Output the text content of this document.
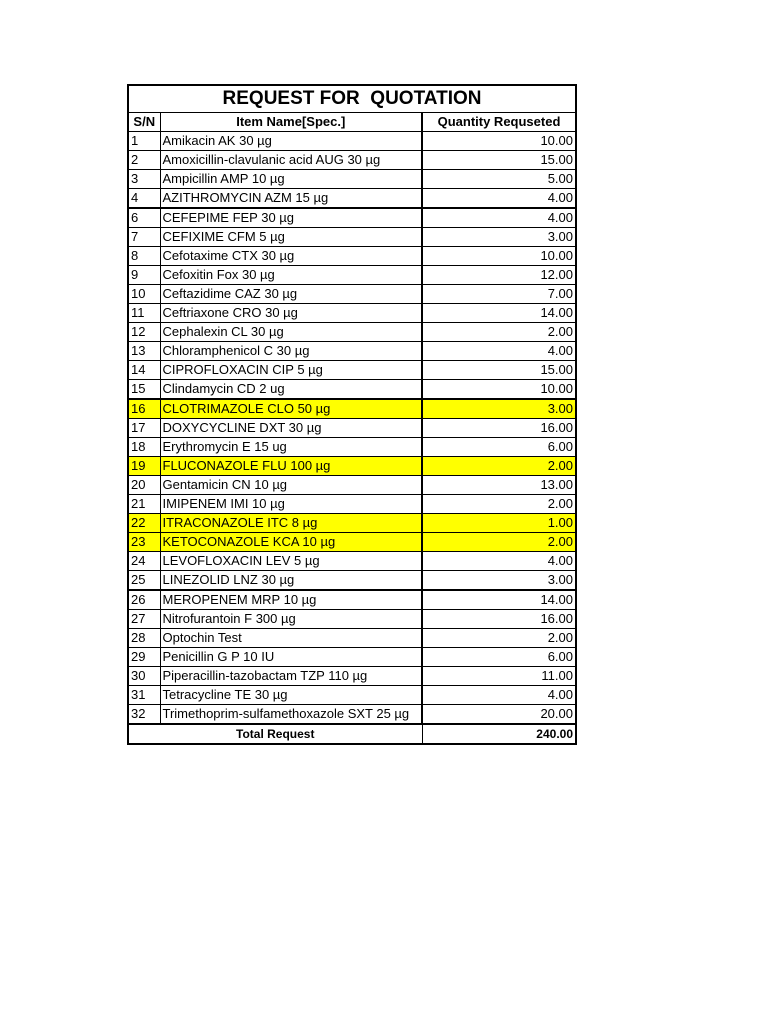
REQUEST FOR  QUOTATION
S/N	Item Name[Spec.]	Quantity Requseted
1	Amikacin AK 30 µg	10.00
2	Amoxicillin-clavulanic acid AUG 30 µg	15.00
3	Ampicillin AMP 10 µg	5.00
4	AZITHROMYCIN AZM 15 µg	4.00
6	CEFEPIME FEP 30 µg	4.00
7	CEFIXIME CFM 5 µg	3.00
8	Cefotaxime CTX 30 µg	10.00
9	Cefoxitin Fox 30 µg	12.00
10	Ceftazidime CAZ 30 µg	7.00
11	Ceftriaxone CRO 30 µg	14.00
12	Cephalexin CL 30 µg	2.00
13	Chloramphenicol C 30 µg	4.00
14	CIPROFLOXACIN CIP 5 µg	15.00
15	Clindamycin CD 2 ug	10.00
16	CLOTRIMAZOLE CLO 50 µg	3.00
17	DOXYCYCLINE DXT 30 µg	16.00
18	Erythromycin E 15 ug	6.00
19	FLUCONAZOLE FLU 100 µg	2.00
20	Gentamicin CN 10 µg	13.00
21	IMIPENEM IMI 10 µg	2.00
22	ITRACONAZOLE ITC 8 µg	1.00
23	KETOCONAZOLE KCA 10 µg	2.00
24	LEVOFLOXACIN LEV 5 µg	4.00
25	LINEZOLID LNZ 30 µg	3.00
26	MEROPENEM MRP 10 µg	14.00
27	Nitrofurantoin F 300 µg	16.00
28	Optochin Test	2.00
29	Penicillin G P 10 IU	6.00
30	Piperacillin-tazobactam TZP 110 µg	11.00
31	Tetracycline TE 30 µg	4.00
32	Trimethoprim-sulfamethoxazole SXT 25 µg	20.00
Total Request		240.00
